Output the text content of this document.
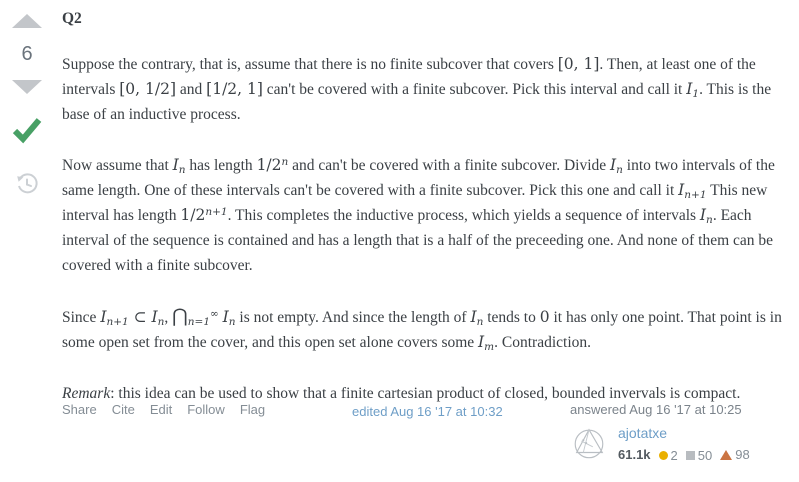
6
Q2

Suppose the contrary, that is, assume that there is no finite subcover that covers [0, 1]. Then, at least one of the intervals [0, 1/2] and [1/2, 1] can't be covered with a finite subcover. Pick this interval and call it $I_1$. This is the base of an inductive process.

Now assume that $I_n$ has length 1/2$^n$ and can't be covered with a finite subcover. Divide $I_n$ into two intervals of the same length. One of these intervals can't be covered with a finite subcover. Pick this one and call it $I_{n+1}$ This new interval has length $1/2^{n+1}$. This completes the inductive process, which yields a sequence of intervals $I_n$. Each interval of the sequence is contained and has a length that is a half of the preceeding one. And none of them can be covered with a finite subcover.

Since $I_{n+1}$ ⊂ $I_n$, $⋂_{n=1}^\infty$ $I_n$ is not empty. And since the length of $I_n$ tends to 0 it has only one point. That point is in some open set from the cover, and this open set alone covers some $I_m$. Contradiction.

Remark: this idea can be used to show that a finite cartesian product of closed, bounded invervals is compact.

Share Cite Edit Follow Flag	edited Aug 16 '17 at 10:32	answered Aug 16 '17 at 10:25
ajotatxe
61.1k 2 50 98
